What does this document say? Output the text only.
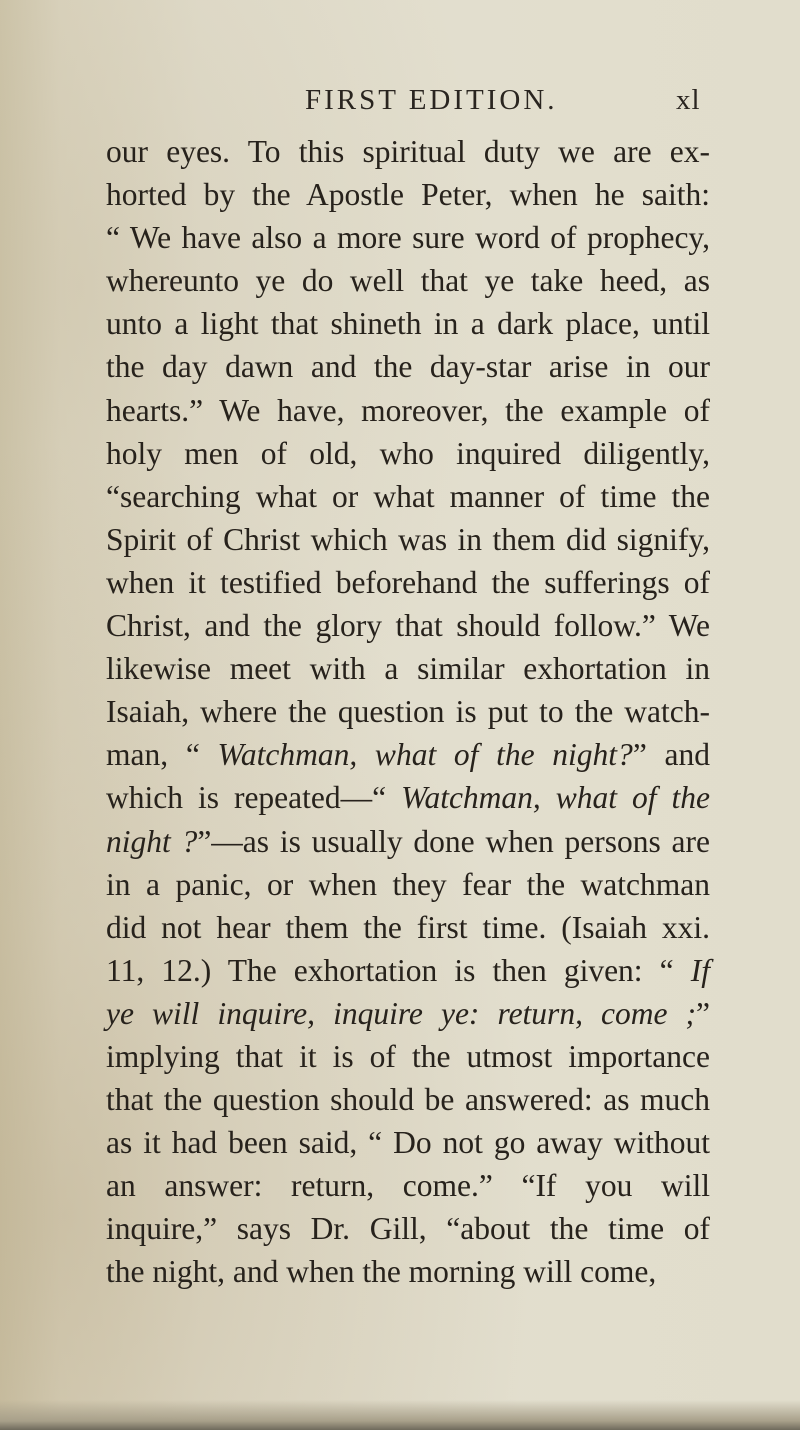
FIRST EDITION.	xl
our eyes. To this spiritual duty we are ex-
horted by the Apostle Peter, when he saith:
“ We have also a more sure word of prophecy,
whereunto ye do well that ye take heed, as
unto a light that shineth in a dark place, until
the day dawn and the day-star arise in our
hearts.” We have, moreover, the example of
holy men of old, who inquired diligently,
“searching what or what manner of time the
Spirit of Christ which was in them did signify,
when it testified beforehand the sufferings of
Christ, and the glory that should follow.” We
likewise meet with a similar exhortation in
Isaiah, where the question is put to the watch-
man, “ Watchman, what of the night?” and
which is repeated—“ Watchman, what of the
night ?”—as is usually done when persons are
in a panic, or when they fear the watchman
did not hear them the first time. (Isaiah xxi.
11, 12.) The exhortation is then given: “ If
ye will inquire, inquire ye: return, come ;”
implying that it is of the utmost importance
that the question should be answered: as much
as it had been said, “ Do not go away without
an answer: return, come.” “If you will
inquire,” says Dr. Gill, “about the time of
the night, and when the morning will come,
